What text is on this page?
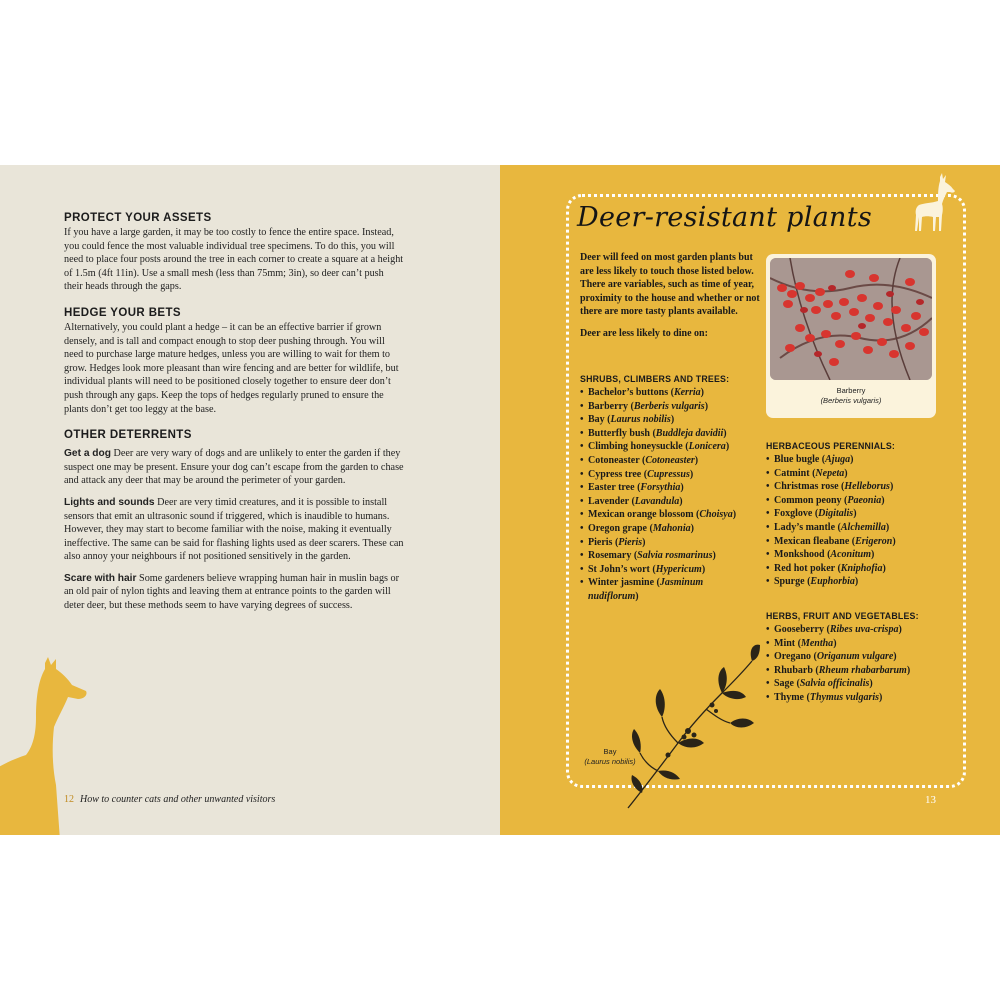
PROTECT YOUR ASSETS

If you have a large garden, it may be too costly to fence the entire space. Instead, you could fence the most valuable individual tree specimens. To do this, you will need to place four posts around the tree in each corner to create a square at a height of 1.5m (4ft 11in). Use a small mesh (less than 75mm; 3in), so deer can’t push their heads through the gaps.

HEDGE YOUR BETS

Alternatively, you could plant a hedge – it can be an effective barrier if grown densely, and is tall and compact enough to stop deer pushing through. You will need to purchase large mature hedges, unless you are willing to wait for them to grow. Hedges look more pleasant than wire fencing and are better for wildlife, but individual plants will need to be positioned closely together to ensure deer don’t push through any gaps. Keep the tops of hedges regularly pruned to ensure the plants don’t get too leggy at the base.

OTHER DETERRENTS

Get a dog Deer are very wary of dogs and are unlikely to enter the garden if they suspect one may be present. Ensure your dog can’t escape from the garden to chase and attack any deer that may be around the perimeter of your garden.

Lights and sounds Deer are very timid creatures, and it is possible to install sensors that emit an ultrasonic sound if triggered, which is inaudible to humans. However, they may start to become familiar with the noise, making it eventually ineffective. The same can be said for flashing lights used as deer scarers. These can also annoy your neighbours if not positioned sensitively in the garden.

Scare with hair Some gardeners believe wrapping human hair in muslin bags or an old pair of nylon tights and leaving them at entrance points to the garden will deter deer, but these methods seem to have varying degrees of success.

12 How to counter cats and other unwanted visitors
Deer-resistant plants

Deer will feed on most garden plants but are less likely to touch those listed below. There are variables, such as time of year, proximity to the house and whether or not there are more tasty plants available.

Deer are less likely to dine on:

Barberry
(Berberis vulgaris)
SHRUBS, CLIMBERS AND TREES:
• Bachelor’s buttons (Kerria)
• Barberry (Berberis vulgaris)
• Bay (Laurus nobilis)
• Butterfly bush (Buddleja davidii)
• Climbing honeysuckle (Lonicera)
• Cotoneaster (Cotoneaster)
• Cypress tree (Cupressus)
• Easter tree (Forsythia)
• Lavender (Lavandula)
• Mexican orange blossom (Choisya)
• Oregon grape (Mahonia)
• Pieris (Pieris)
• Rosemary (Salvia rosmarinus)
• St John’s wort (Hypericum)
• Winter jasmine (Jasminum nudiflorum)
HERBACEOUS PERENNIALS:
• Blue bugle (Ajuga)
• Catmint (Nepeta)
• Christmas rose (Helleborus)
• Common peony (Paeonia)
• Foxglove (Digitalis)
• Lady’s mantle (Alchemilla)
• Mexican fleabane (Erigeron)
• Monkshood (Aconitum)
• Red hot poker (Kniphofia)
• Spurge (Euphorbia)
HERBS, FRUIT AND VEGETABLES:
• Gooseberry (Ribes uva-crispa)
• Mint (Mentha)
• Oregano (Origanum vulgare)
• Rhubarb (Rheum rhabarbarum)
• Sage (Salvia officinalis)
• Thyme (Thymus vulgaris)
Bay
(Laurus nobilis)
13
